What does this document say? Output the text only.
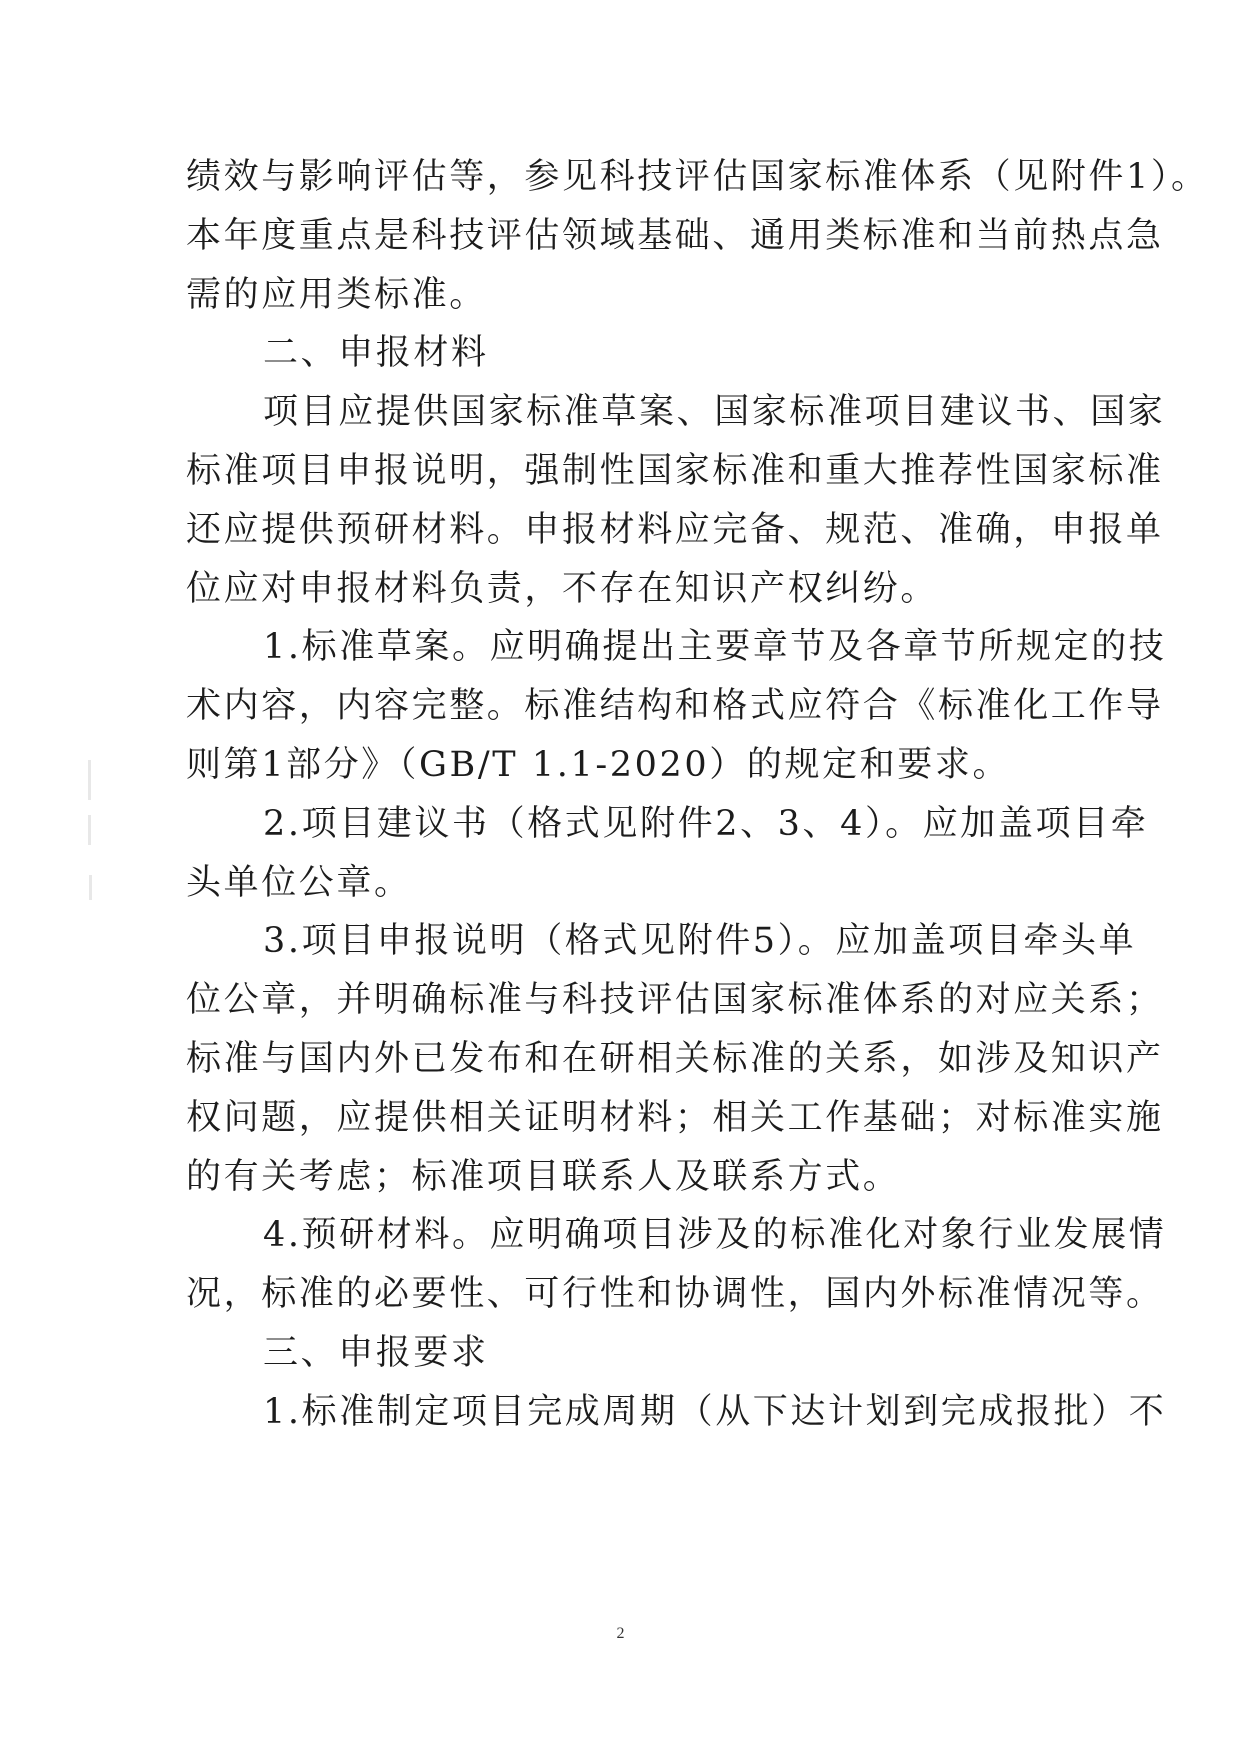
绩效与影响评估等，参见科技评估国家标准体系（见附件1）。
本年度重点是科技评估领域基础、通用类标准和当前热点急
需的应用类标准。
二、申报材料
项目应提供国家标准草案、国家标准项目建议书、国家
标准项目申报说明，强制性国家标准和重大推荐性国家标准
还应提供预研材料。申报材料应完备、规范、准确，申报单
位应对申报材料负责，不存在知识产权纠纷。
1.标准草案。应明确提出主要章节及各章节所规定的技
术内容，内容完整。标准结构和格式应符合《标准化工作导
则第1部分》（GB/T 1.1-2020）的规定和要求。
2.项目建议书（格式见附件2、3、4）。应加盖项目牵
头单位公章。
3.项目申报说明（格式见附件5）。应加盖项目牵头单
位公章，并明确标准与科技评估国家标准体系的对应关系；
标准与国内外已发布和在研相关标准的关系，如涉及知识产
权问题，应提供相关证明材料；相关工作基础；对标准实施
的有关考虑；标准项目联系人及联系方式。
4.预研材料。应明确项目涉及的标准化对象行业发展情
况，标准的必要性、可行性和协调性，国内外标准情况等。
三、申报要求
1.标准制定项目完成周期（从下达计划到完成报批）不
2
